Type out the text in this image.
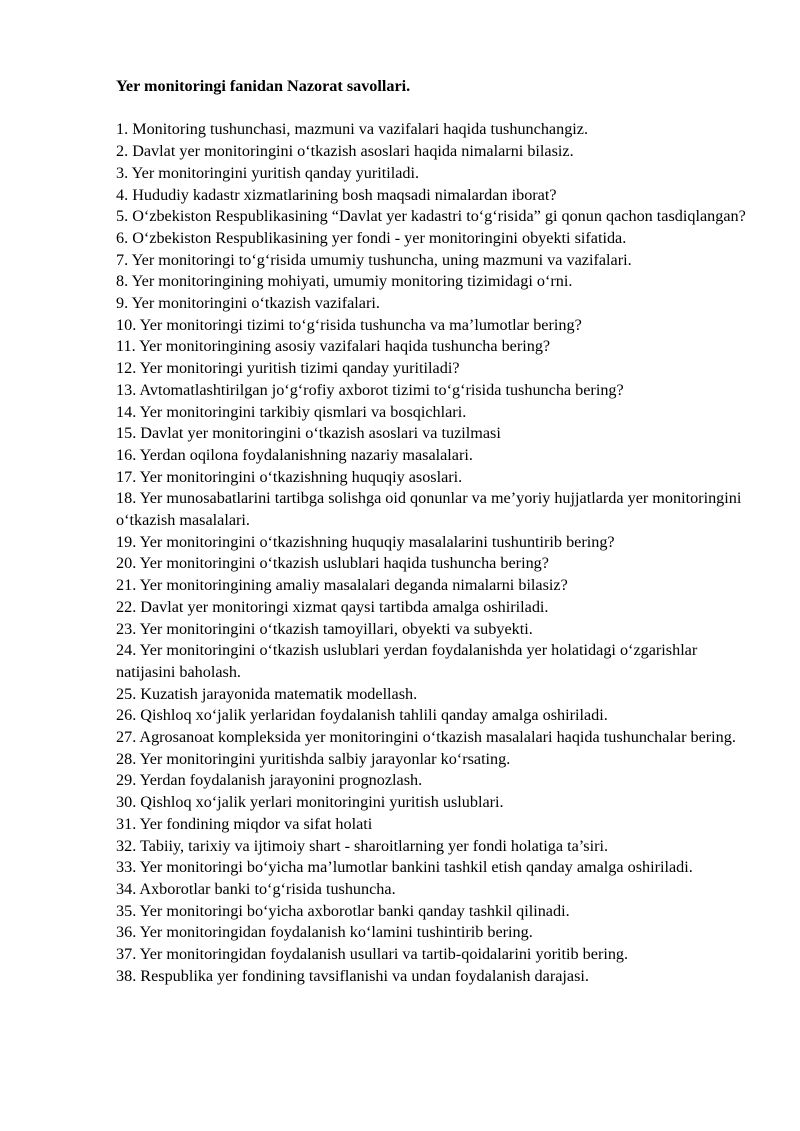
Yer monitoringi fanidan Nazorat savollari.
1. Monitoring tushunchasi, mazmuni va vazifalari haqida tushunchangiz.
2. Davlat yer monitoringini o‘tkazish asoslari haqida nimalarni bilasiz.
3. Yer monitoringini yuritish qanday yuritiladi.
4. Hududiy kadastr xizmatlarining bosh maqsadi nimalardan iborat?
5. O‘zbekiston Respublikasining “Davlat yer kadastri to‘g‘risida” gi qonun qachon tasdiqlangan?
6. O‘zbekiston Respublikasining yer fondi - yer monitoringini obyekti sifatida.
7. Yer monitoringi to‘g‘risida umumiy tushuncha, uning mazmuni va vazifalari.
8. Yer monitoringining mohiyati, umumiy monitoring tizimidagi o‘rni.
9. Yer monitoringini o‘tkazish vazifalari.
10. Yer monitoringi tizimi to‘g‘risida tushuncha va ma’lumotlar bering?
11. Yer monitoringining asosiy vazifalari haqida tushuncha bering?
12. Yer monitoringi yuritish tizimi qanday yuritiladi?
13. Avtomatlashtirilgan jo‘g‘rofiy axborot tizimi to‘g‘risida tushuncha bering?
14. Yer monitoringini tarkibiy qismlari va bosqichlari.
15. Davlat yer monitoringini o‘tkazish asoslari va tuzilmasi
16. Yerdan oqilona foydalanishning nazariy masalalari.
17. Yer monitoringini o‘tkazishning huquqiy asoslari.
18. Yer munosabatlarini tartibga solishga oid qonunlar va me’yoriy hujjatlarda yer monitoringini o‘tkazish masalalari.
19. Yer monitoringini o‘tkazishning huquqiy masalalarini tushuntirib bering?
20. Yer monitoringini o‘tkazish uslublari haqida tushuncha bering?
21. Yer monitoringining amaliy masalalari deganda nimalarni bilasiz?
22. Davlat yer monitoringi xizmat qaysi tartibda amalga oshiriladi.
23. Yer monitoringini o‘tkazish tamoyillari, obyekti va subyekti.
24. Yer monitoringini o‘tkazish uslublari yerdan foydalanishda yer holatidagi o‘zgarishlar natijasini baholash.
25. Kuzatish jarayonida matematik modellash.
26. Qishloq xo‘jalik yerlaridan foydalanish tahlili qanday amalga oshiriladi.
27. Agrosanoat kompleksida yer monitoringini o‘tkazish masalalari haqida tushunchalar bering.
28. Yer monitoringini yuritishda salbiy jarayonlar ko‘rsating.
29. Yerdan foydalanish jarayonini prognozlash.
30. Qishloq xo‘jalik yerlari monitoringini yuritish uslublari.
31. Yer fondining miqdor va sifat holati
32. Tabiiy, tarixiy va ijtimoiy shart - sharoitlarning yer fondi holatiga ta’siri.
33. Yer monitoringi bo‘yicha ma’lumotlar bankini tashkil etish qanday amalga oshiriladi.
34. Axborotlar banki to‘g‘risida tushuncha.
35. Yer monitoringi bo‘yicha axborotlar banki qanday tashkil qilinadi.
36. Yer monitoringidan foydalanish ko‘lamini tushintirib bering.
37. Yer monitoringidan foydalanish usullari va tartib-qoidalarini yoritib bering.
38. Respublika yer fondining tavsiflanishi va undan foydalanish darajasi.
